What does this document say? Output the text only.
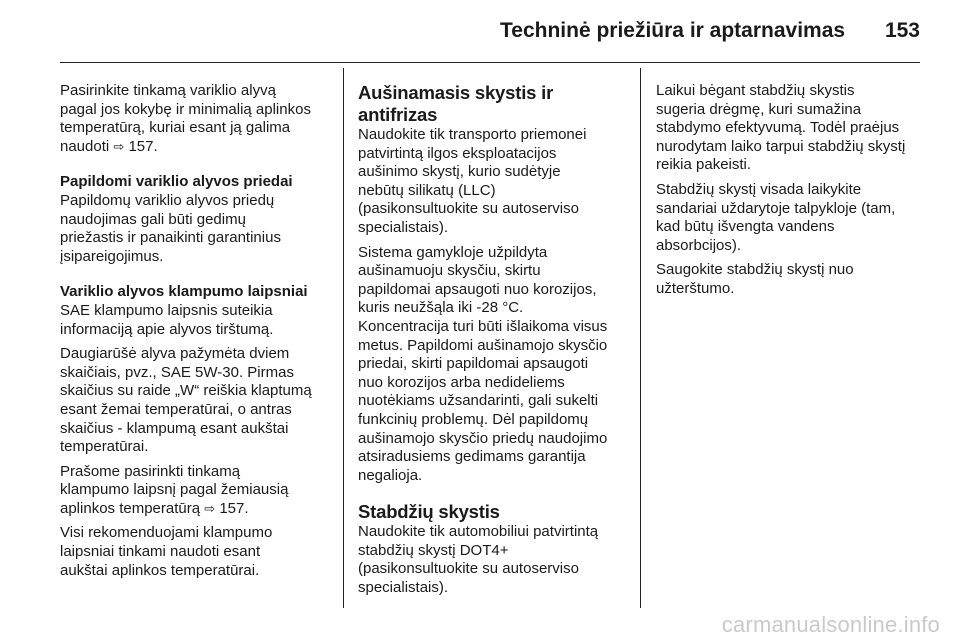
Techninė priežiūra ir aptarnavimas	153

Pasirinkite tinkamą variklio alyvą
pagal jos kokybę ir minimalią aplinkos
temperatūrą, kuriai esant ją galima
naudoti ⇨ 157.

Papildomi variklio alyvos priedai

Papildomų variklio alyvos priedų
naudojimas gali būti gedimų
priežastis ir panaikinti garantinius
įsipareigojimus.

Variklio alyvos klampumo laipsniai

SAE klampumo laipsnis suteikia
informaciją apie alyvos tirštumą.

Daugiarūšė alyva pažymėta dviem
skaičiais, pvz., SAE 5W-30. Pirmas
skaičius su raide „W“ reiškia klaptumą
esant žemai temperatūrai, o antras
skaičius - klampumą esant aukštai
temperatūrai.

Prašome pasirinkti tinkamą
klampumo laipsnį pagal žemiausią
aplinkos temperatūrą ⇨ 157.

Visi rekomenduojami klampumo
laipsniai tinkami naudoti esant
aukštai aplinkos temperatūrai.

Aušinamasis skystis ir antifrizas

Naudokite tik transporto priemonei
patvirtintą ilgos eksploatacijos
aušinimo skystį, kurio sudėtyje
nebūtų silikatų (LLC)
(pasikonsultuokite su autoserviso
specialistais).

Sistema gamykloje užpildyta
aušinamuoju skysčiu, skirtu
papildomai apsaugoti nuo korozijos,
kuris neužšąla iki -28 °C.
Koncentracija turi būti išlaikoma visus
metus. Papildomi aušinamojo skysčio
priedai, skirti papildomai apsaugoti
nuo korozijos arba nedideliems
nuotėkiams užsandarinti, gali sukelti
funkcinių problemų. Dėl papildomų
aušinamojo skysčio priedų naudojimo
atsiradusiems gedimams garantija
negalioja.

Stabdžių skystis

Naudokite tik automobiliui patvirtintą
stabdžių skystį DOT4+
(pasikonsultuokite su autoserviso
specialistais).

Laikui bėgant stabdžių skystis
sugeria drėgmę, kuri sumažina
stabdymo efektyvumą. Todėl praėjus
nurodytam laiko tarpui stabdžių skystį
reikia pakeisti.

Stabdžių skystį visada laikykite
sandariai uždarytoje talpykloje (tam,
kad būtų išvengta vandens
absorbcijos).

Saugokite stabdžių skystį nuo
užterštumo.

carmanualsonline.info
